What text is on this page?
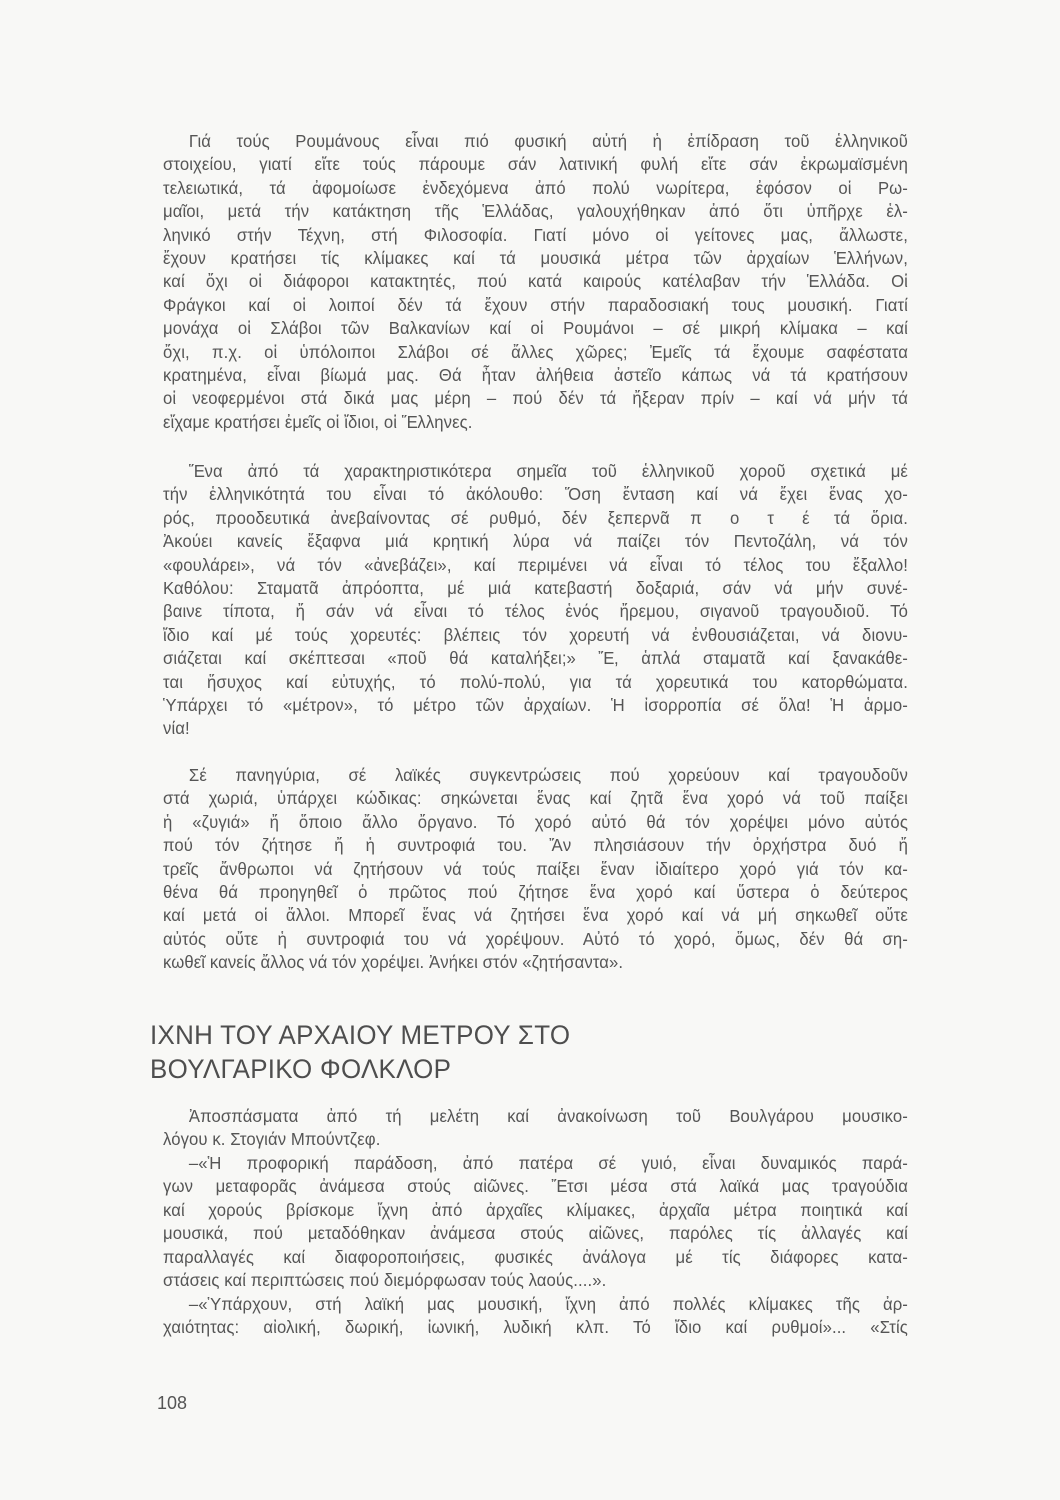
Γιά τούς Ρουμάνους εἶναι πιό φυσική αὐτή ἡ ἐπίδραση τοῦ ἑλληνικοῦ
στοιχείου, γιατί εἴτε τούς πάρουμε σάν λατινική φυλή εἴτε σάν ἐκρωμαϊσμένη
τελειωτικά, τά ἀφομοίωσε ἐνδεχόμενα ἀπό πολύ νωρίτερα, ἐφόσον οἱ Ρω-
μαῖοι, μετά τήν κατάκτηση τῆς Ἑλλάδας, γαλουχήθηκαν ἀπό ὅτι ὑπῆρχε ἑλ-
ληνικό στήν Τέχνη, στή Φιλοσοφία. Γιατί μόνο οἱ γείτονες μας, ἄλλωστε,
ἔχουν κρατήσει τίς κλίμακες καί τά μουσικά μέτρα τῶν ἀρχαίων Ἑλλήνων,
καί ὄχι οἱ διάφοροι κατακτητές, πού κατά καιρούς κατέλαβαν τήν Ἑλλάδα. Οἱ
Φράγκοι καί οἱ λοιποί δέν τά ἔχουν στήν παραδοσιακή τους μουσική. Γιατί
μονάχα οἱ Σλάβοι τῶν Βαλκανίων καί οἱ Ρουμάνοι – σέ μικρή κλίμακα – καί
ὄχι, π.χ. οἱ ὑπόλοιποι Σλάβοι σέ ἄλλες χῶρες; Ἐμεῖς τά ἔχουμε σαφέστατα
κρατημένα, εἶναι βίωμά μας. Θά ἦταν ἀλήθεια ἀστεῖο κάπως νά τά κρατήσουν
οἱ νεοφερμένοι στά δικά μας μέρη – πού δέν τά ἤξεραν πρίν – καί νά μήν τά
εἴχαμε κρατήσει ἐμεῖς οἱ ἴδιοι, οἱ Ἕλληνες.
Ἕνα ἀπό τά χαρακτηριστικότερα σημεῖα τοῦ ἑλληνικοῦ χοροῦ σχετικά μέ
τήν ἑλληνικότητά του εἶναι τό ἀκόλουθο: Ὅση ἔνταση καί νά ἔχει ἕνας χο-
ρός, προοδευτικά ἀνεβαίνοντας σέ ρυθμό, δέν ξεπερνᾶ π ο τ έ τά ὅρια.
Ἀκούει κανείς ἔξαφνα μιά κρητική λύρα νά παίζει τόν Πεντοζάλη, νά τόν
«φουλάρει», νά τόν «ἀνεβάζει», καί περιμένει νά εἶναι τό τέλος του ἔξαλλο!
Καθόλου: Σταματᾶ ἀπρόοπτα, μέ μιά κατεβαστή δοξαριά, σάν νά μήν συνέ-
βαινε τίποτα, ἤ σάν νά εἶναι τό τέλος ἑνός ἤρεμου, σιγανοῦ τραγουδιοῦ. Τό
ἴδιο καί μέ τούς χορευτές: βλέπεις τόν χορευτή νά ἐνθουσιάζεται, νά διονυ-
σιάζεται καί σκέπτεσαι «ποῦ θά καταλήξει;» Ἔ, ἁπλά σταματᾶ καί ξανακάθε-
ται ἥσυχος καί εὐτυχής, τό πολύ-πολύ, για τά χορευτικά του κατορθώματα.
Ὑπάρχει τό «μέτρον», τό μέτρο τῶν ἀρχαίων. Ἡ ἰσορροπία σέ ὅλα! Ἡ ἁρμο-
νία!
Σέ πανηγύρια, σέ λαϊκές συγκεντρώσεις πού χορεύουν καί τραγουδοῦν
στά χωριά, ὑπάρχει κώδικας: σηκώνεται ἕνας καί ζητᾶ ἕνα χορό νά τοῦ παίξει
ἡ «ζυγιά» ἤ ὅποιο ἄλλο ὄργανο. Τό χορό αὐτό θά τόν χορέψει μόνο αὐτός
πού τόν ζήτησε ἤ ἡ συντροφιά του. Ἄν πλησιάσουν τήν ὀρχήστρα δυό ἤ
τρεῖς ἄνθρωποι νά ζητήσουν νά τούς παίξει ἕναν ἰδιαίτερο χορό γιά τόν κα-
θένα θά προηγηθεῖ ὁ πρῶτος πού ζήτησε ἕνα χορό καί ὕστερα ὁ δεύτερος
καί μετά οἱ ἄλλοι. Μπορεῖ ἕνας νά ζητήσει ἕνα χορό καί νά μή σηκωθεῖ οὔτε
αὐτός οὔτε ἡ συντροφιά του νά χορέψουν. Αὐτό τό χορό, ὅμως, δέν θά ση-
κωθεῖ κανείς ἄλλος νά τόν χορέψει. Ἀνήκει στόν «ζητήσαντα».
ΙΧΝΗ ΤΟΥ ΑΡΧΑΙΟΥ ΜΕΤΡΟΥ ΣΤΟ
ΒΟΥΛΓΑΡΙΚΟ ΦΟΛΚΛΟΡ
Ἀποσπάσματα ἀπό τή μελέτη καί ἀνακοίνωση τοῦ Βουλγάρου μουσικο-
λόγου κ. Στογιάν Μπούντζεφ.
–«Ἡ προφορική παράδοση, ἀπό πατέρα σέ γυιό, εἶναι δυναμικός παρά-
γων μεταφορᾶς ἀνάμεσα στούς αἰῶνες. Ἔτσι μέσα στά λαϊκά μας τραγούδια
καί χορούς βρίσκομε ἴχνη ἀπό ἀρχαῖες κλίμακες, ἀρχαῖα μέτρα ποιητικά καί
μουσικά, πού μεταδόθηκαν ἀνάμεσα στούς αἰῶνες, παρόλες τίς ἀλλαγές καί
παραλλαγές καί διαφοροποιήσεις, φυσικές ἀνάλογα μέ τίς διάφορες κατα-
στάσεις καί περιπτώσεις πού διεμόρφωσαν τούς λαούς....».
–«Ὑπάρχουν, στή λαϊκή μας μουσική, ἴχνη ἀπό πολλές κλίμακες τῆς ἀρ-
χαιότητας: αἰολική, δωρική, ἰωνική, λυδική κλπ. Τό ἴδιο καί ρυθμοί»... «Στίς
108
